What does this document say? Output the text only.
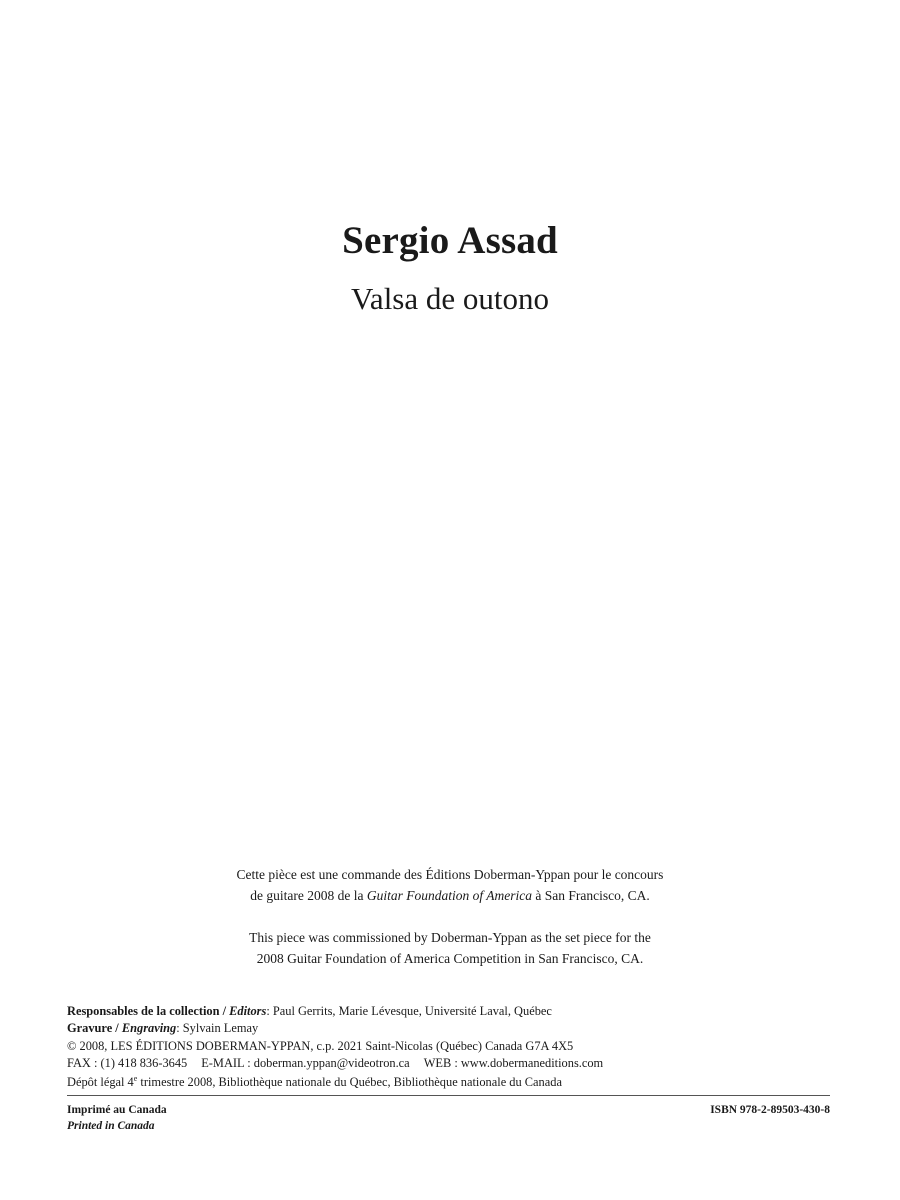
Sergio Assad
Valsa de outono
Cette pièce est une commande des Éditions Doberman-Yppan pour le concours
de guitare 2008 de la Guitar Foundation of America à San Francisco, CA.
This piece was commissioned by Doberman-Yppan as the set piece for the
2008 Guitar Foundation of America Competition in San Francisco, CA.
Responsables de la collection / Editors: Paul Gerrits, Marie Lévesque, Université Laval, Québec
Gravure / Engraving: Sylvain Lemay
© 2008, LES ÉDITIONS DOBERMAN-YPPAN, c.p. 2021 Saint-Nicolas (Québec) Canada G7A 4X5
FAX : (1) 418 836-3645 E-MAIL : doberman.yppan@videotron.ca WEB : www.dobermaneditions.com
Dépôt légal 4e trimestre 2008, Bibliothèque nationale du Québec, Bibliothèque nationale du Canada
Imprimé au Canada
Printed in Canada
ISBN 978-2-89503-430-8
